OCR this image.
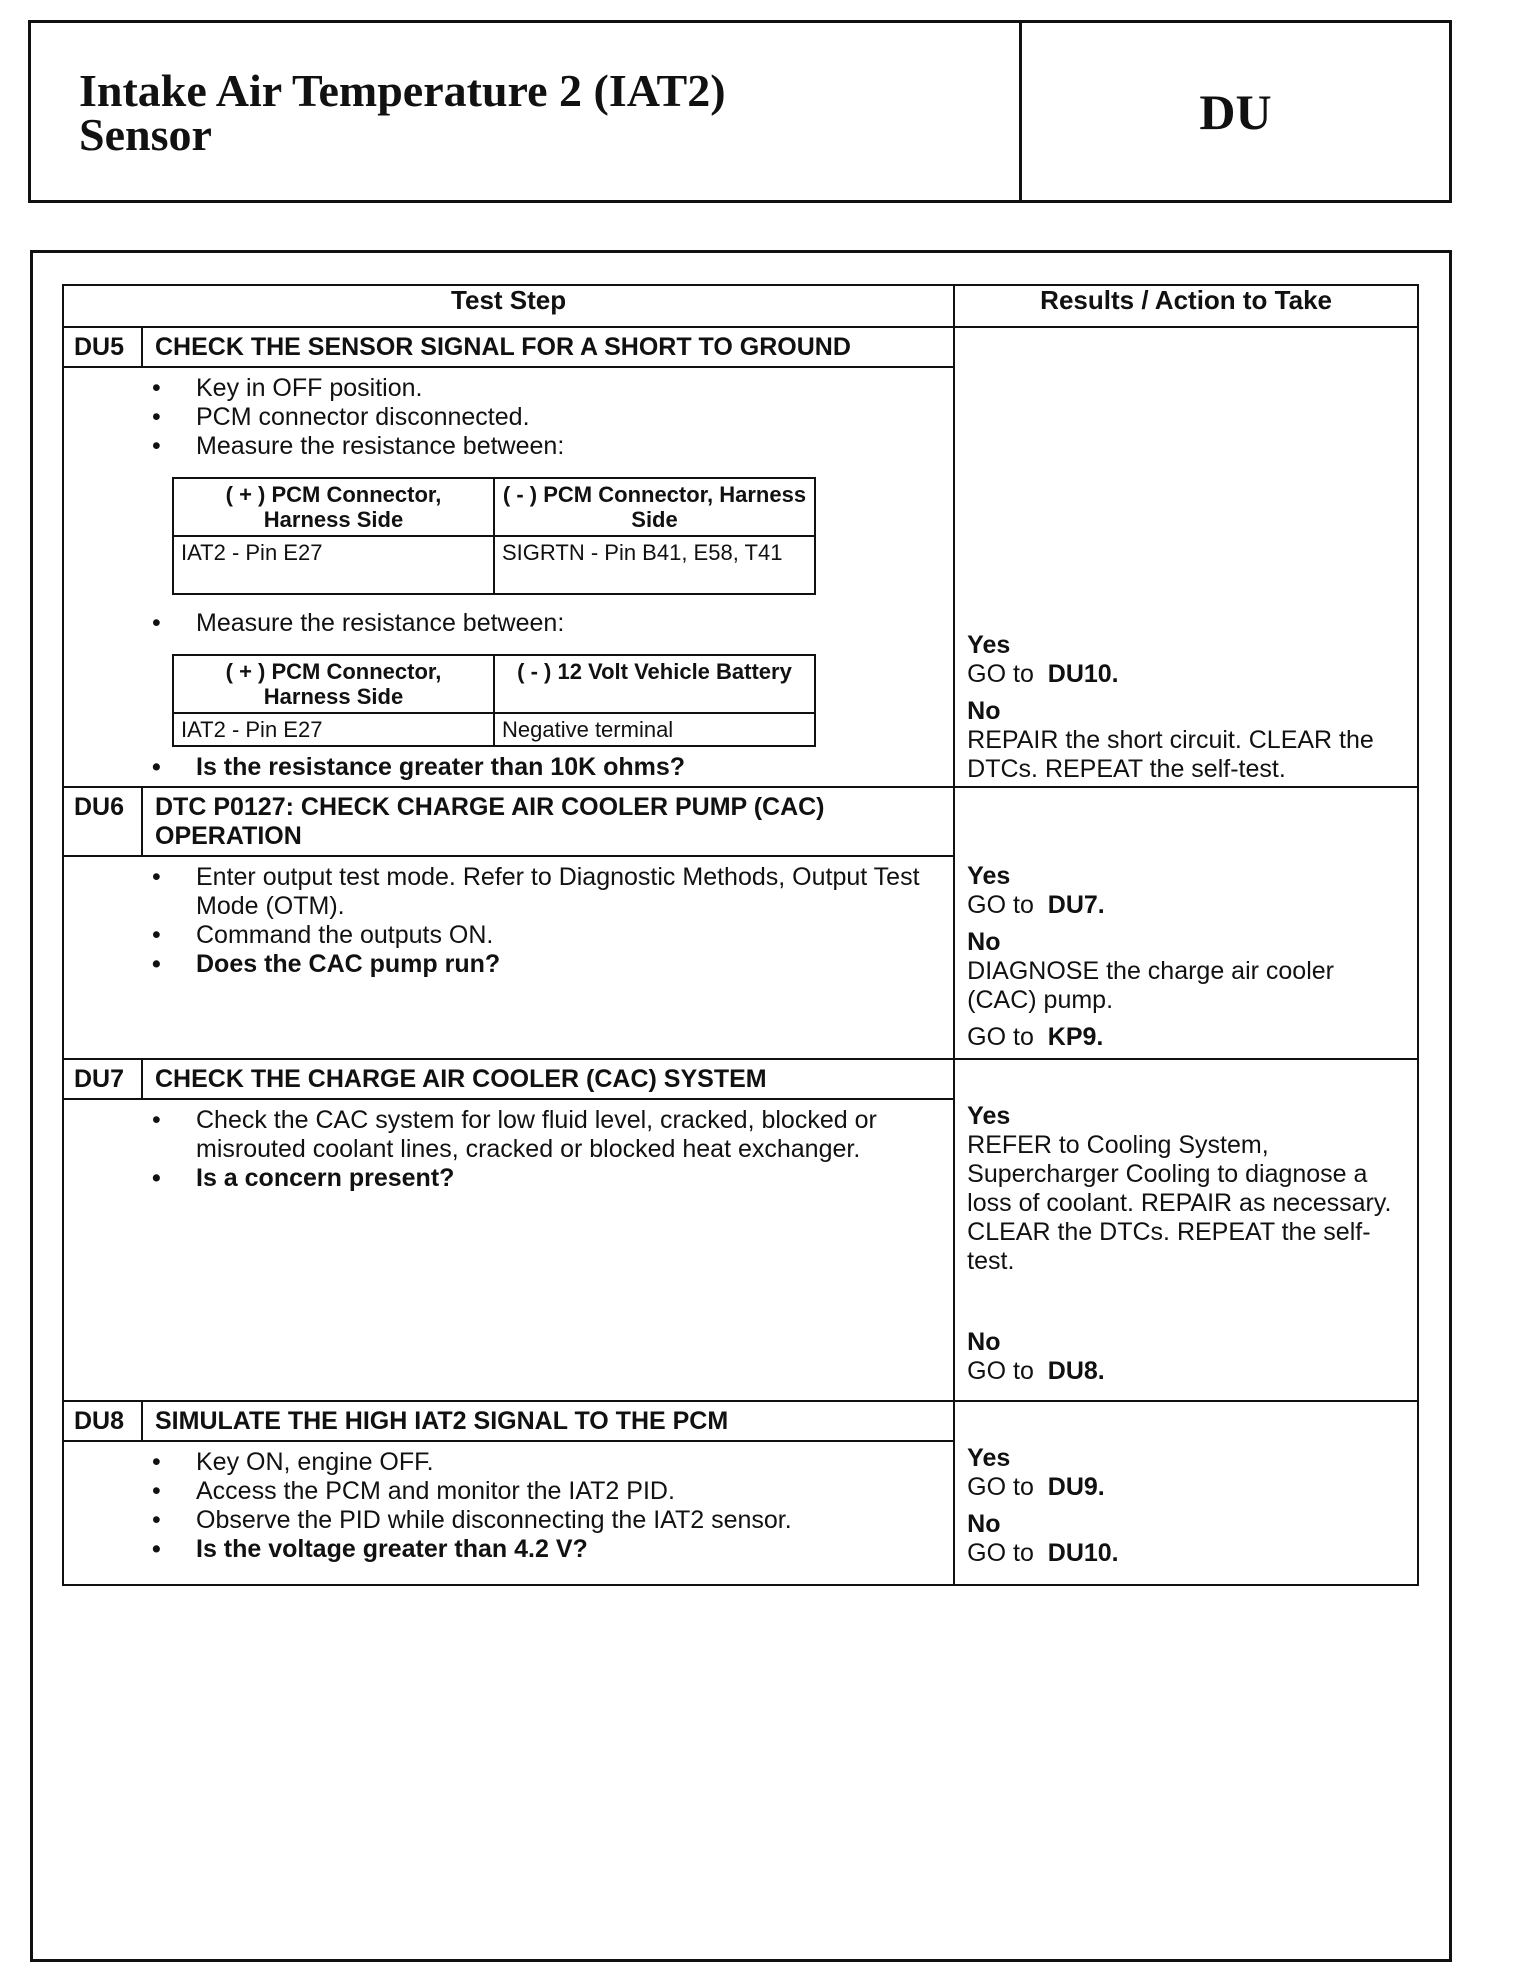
Intake Air Temperature 2 (IAT2)
Sensor	DU
Test Step	Results / Action to Take

DU5	CHECK THE SENSOR SIGNAL FOR A SHORT TO GROUND
• Key in OFF position.
• PCM connector disconnected.
• Measure the resistance between:
( + ) PCM Connector, Harness Side	( - ) PCM Connector, Harness Side
IAT2 - Pin E27	SIGRTN - Pin B41, E58, T41
• Measure the resistance between:
( + ) PCM Connector, Harness Side	( - ) 12 Volt Vehicle Battery
IAT2 - Pin E27	Negative terminal
• Is the resistance greater than 10K ohms?

Yes

GO to DU10.

No

REPAIR the short circuit. CLEAR the DTCs. REPEAT the self-test.

DU6	DTC P0127: CHECK CHARGE AIR COOLER PUMP (CAC) OPERATION
• Enter output test mode. Refer to Diagnostic Methods, Output Test Mode (OTM).
• Command the outputs ON.
• Does the CAC pump run?

Yes

GO to DU7.

No

DIAGNOSE the charge air cooler (CAC) pump.

GO to KP9.

DU7	CHECK THE CHARGE AIR COOLER (CAC) SYSTEM
• Check the CAC system for low fluid level, cracked, blocked or misrouted coolant lines, cracked or blocked heat exchanger.
• Is a concern present?

Yes

REFER to Cooling System, Supercharger Cooling to diagnose a loss of coolant. REPAIR as necessary. CLEAR the DTCs. REPEAT the self-test.

No

GO to DU8.

DU8	SIMULATE THE HIGH IAT2 SIGNAL TO THE PCM
• Key ON, engine OFF.
• Access the PCM and monitor the IAT2 PID.
• Observe the PID while disconnecting the IAT2 sensor.
• Is the voltage greater than 4.2 V?

Yes

GO to DU9.

No

GO to DU10.
